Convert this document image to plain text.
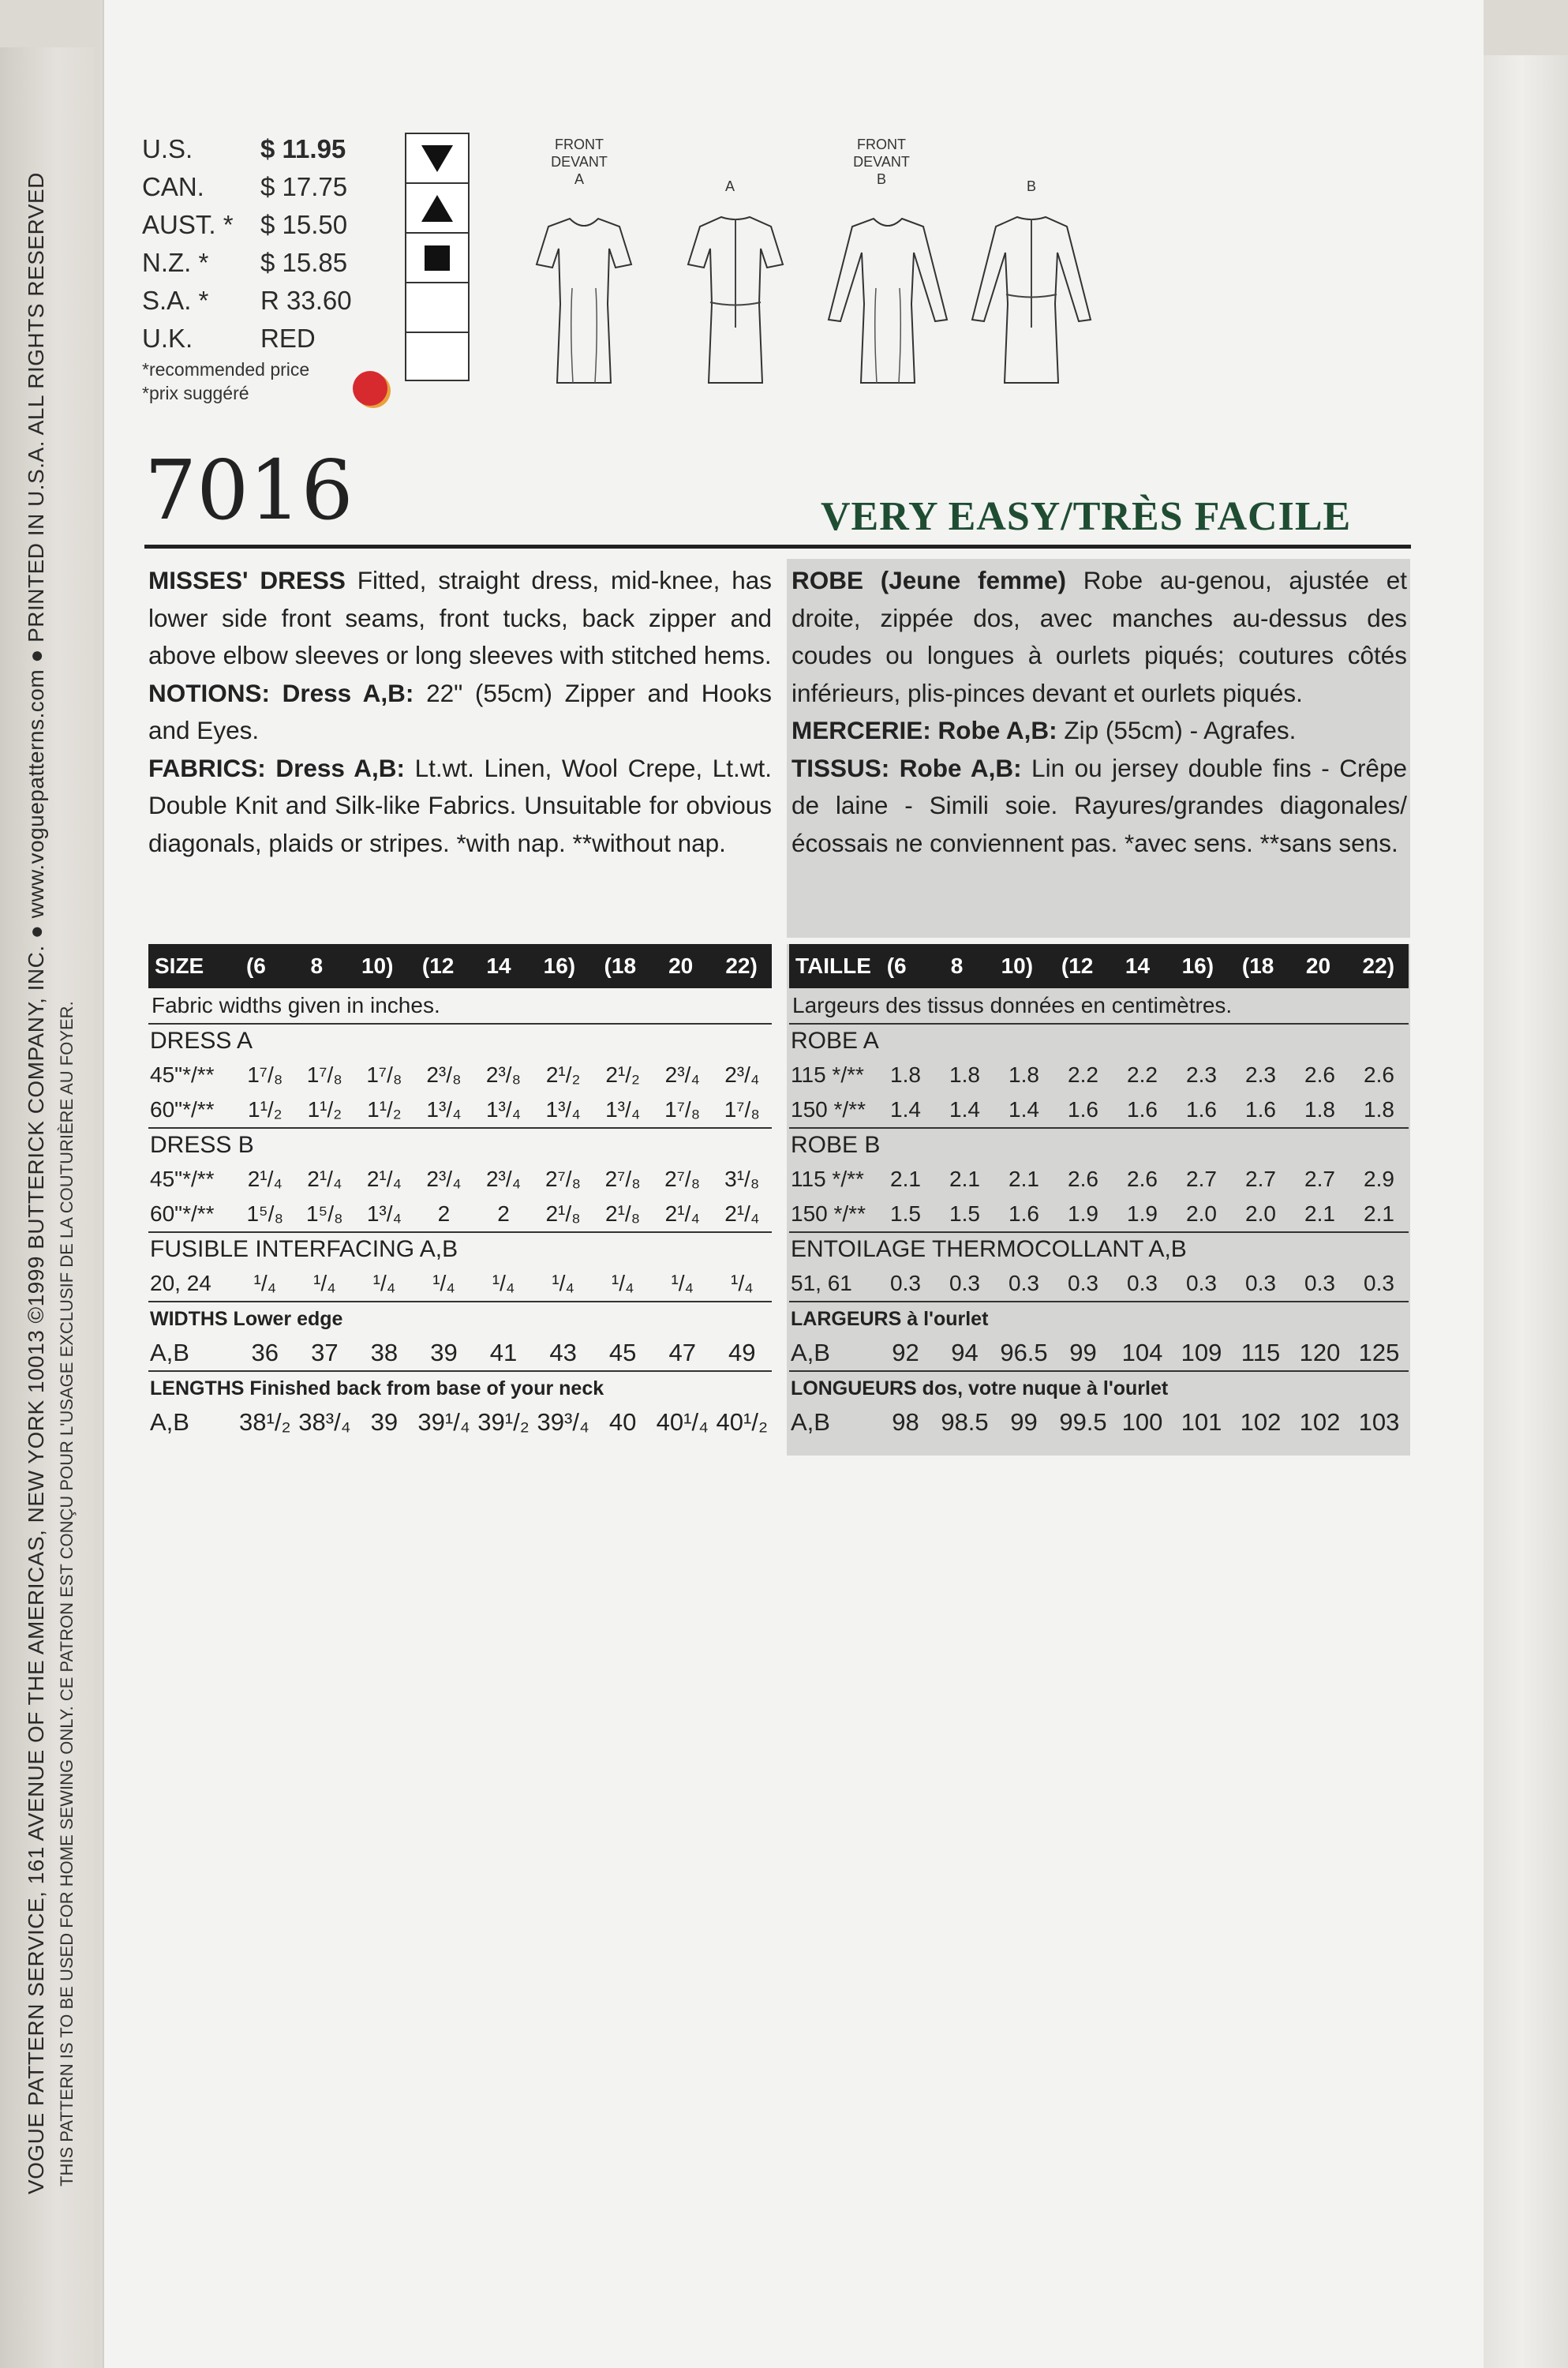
VOGUE PATTERN SERVICE, 161 AVENUE OF THE AMERICAS, NEW YORK 10013 ©1999 BUTTERICK COMPANY, INC. ● www.voguepatterns.com ● PRINTED IN U.S.A. ALL RIGHTS RESERVED THIS PATTERN IS TO BE USED FOR HOME SEWING ONLY. CE PATRON EST CONÇU POUR L'USAGE EXCLUSIF DE LA COUTURIÈRE AU FOYER.
U.S.	$ 11.95
CAN.	$ 17.75
AUST. *	$ 15.50
N.Z. *	$ 15.85
S.A. *	R 33.60
U.K.	RED
*recommended price
*prix suggéré
FRONT
DEVANT
A	A
FRONT
DEVANT
B	B
7016	VERY EASY/TRÈS FACILE
MISSES' DRESS Fitted, straight dress, mid-knee, has lower side front seams, front tucks, back zipper and above elbow sleeves or long sleeves with stitched hems.
NOTIONS: Dress A,B: 22" (55cm) Zipper and Hooks and Eyes.
FABRICS: Dress A,B: Lt.wt. Linen, Wool Crepe, Lt.wt. Double Knit and Silk-like Fabrics. Unsuitable for obvious diagonals, plaids or stripes. *with nap. **without nap.
ROBE (Jeune femme) Robe au-genou, ajustée et droite, zippée dos, avec manches au-dessus des coudes ou longues à ourlets piqués; coutures côtés inférieurs, plis-pinces devant et ourlets piqués.
MERCERIE: Robe A,B: Zip (55cm) - Agrafes.
TISSUS: Robe A,B: Lin ou jersey double fins - Crêpe de laine - Simili soie. Rayures/grandes diagonales/écossais ne conviennent pas. *avec sens. **sans sens.
SIZE	(6	8	10)	(12	14	16)	(18	20	22)
Fabric widths given in inches.
DRESS A
45"*/**	1⁷/₈	1⁷/₈	1⁷/₈	2³/₈	2³/₈	2¹/₂	2¹/₂	2³/₄	2³/₄
60"*/**	1¹/₂	1¹/₂	1¹/₂	1³/₄	1³/₄	1³/₄	1³/₄	1⁷/₈	1⁷/₈
DRESS B
45"*/**	2¹/₄	2¹/₄	2¹/₄	2³/₄	2³/₄	2⁷/₈	2⁷/₈	2⁷/₈	3¹/₈
60"*/**	1⁵/₈	1⁵/₈	1³/₄	2	2	2¹/₈	2¹/₈	2¹/₄	2¹/₄
FUSIBLE INTERFACING A,B
20, 24	¹/₄	¹/₄	¹/₄	¹/₄	¹/₄	¹/₄	¹/₄	¹/₄	¹/₄
WIDTHS Lower edge
A,B	36	37	38	39	41	43	45	47	49
LENGTHS Finished back from base of your neck
A,B	38¹/₂ 38³/₄ 39 39¹/₄ 39¹/₂ 39³/₄ 40 40¹/₄ 40¹/₂
TAILLE (6	8	10)	(12	14	16)	(18	20	22)
Largeurs des tissus données en centimètres.
ROBE A
115 */**	1.8	1.8	1.8	2.2	2.2	2.3	2.3	2.6	2.6
150 */**	1.4	1.4	1.4	1.6	1.6	1.6	1.6	1.8	1.8
ROBE B
115 */**	2.1	2.1	2.1	2.6	2.6	2.7	2.7	2.7	2.9
150 */**	1.5	1.5	1.6	1.9	1.9	2.0	2.0	2.1	2.1
ENTOILAGE THERMOCOLLANT A,B
51, 61	0.3	0.3	0.3	0.3	0.3	0.3	0.3	0.3	0.3
LARGEURS à l'ourlet
A,B	92	94 96.5 99	104 109 115 120 125
LONGUEURS dos, votre nuque à l'ourlet
A,B	98 98.5 99 99.5 100 101 102 102 103
